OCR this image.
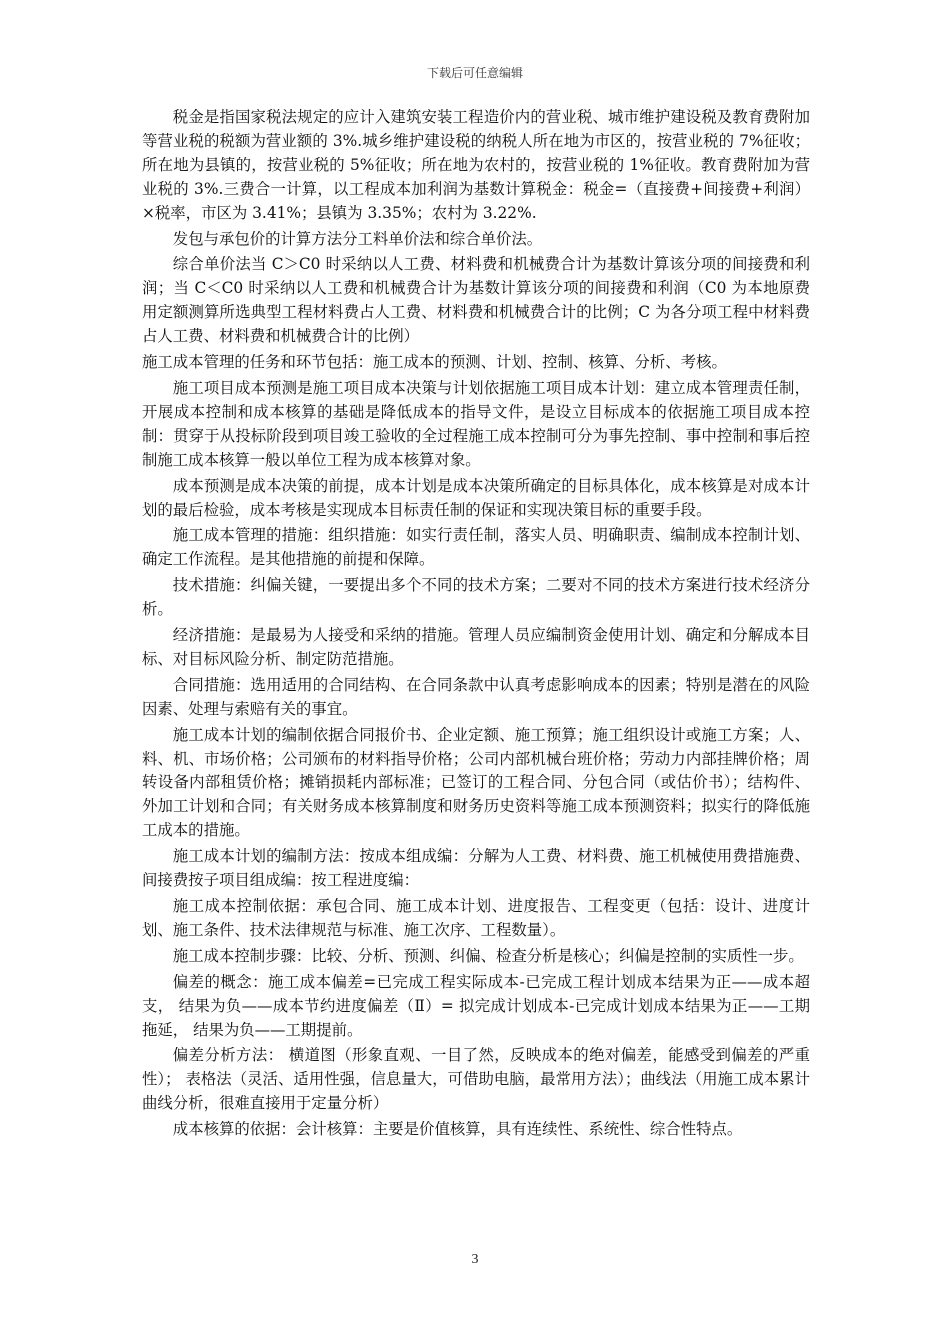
下载后可任意编辑

税金是指国家税法规定的应计入建筑安装工程造价内的营业税、城市维护建设税及教育费附加等营业税的税额为营业额的 3%.城乡维护建设税的纳税人所在地为市区的，按营业税的 7%征收；所在地为县镇的，按营业税的 5%征收；所在地为农村的，按营业税的 1%征收。教育费附加为营业税的 3%.三费合一计算，以工程成本加利润为基数计算税金：税金=（直接费+间接费+利润）×税率，市区为 3.41%；县镇为 3.35%；农村为 3.22%.

发包与承包价的计算方法分工料单价法和综合单价法。

综合单价法当 C＞C0 时采纳以人工费、材料费和机械费合计为基数计算该分项的间接费和利润；当 C＜C0 时采纳以人工费和机械费合计为基数计算该分项的间接费和利润（C0 为本地原费用定额测算所选典型工程材料费占人工费、材料费和机械费合计的比例；C 为各分项工程中材料费占人工费、材料费和机械费合计的比例）

施工成本管理的任务和环节包括：施工成本的预测、计划、控制、核算、分析、考核。

施工项目成本预测是施工项目成本决策与计划依据施工项目成本计划：建立成本管理责任制，开展成本控制和成本核算的基础是降低成本的指导文件，是设立目标成本的依据施工项目成本控制：贯穿于从投标阶段到项目竣工验收的全过程施工成本控制可分为事先控制、事中控制和事后控制施工成本核算一般以单位工程为成本核算对象。

成本预测是成本决策的前提，成本计划是成本决策所确定的目标具体化，成本核算是对成本计划的最后检验，成本考核是实现成本目标责任制的保证和实现决策目标的重要手段。

施工成本管理的措施：组织措施：如实行责任制，落实人员、明确职责、编制成本控制计划、确定工作流程。是其他措施的前提和保障。

技术措施：纠偏关键，一要提出多个不同的技术方案；二要对不同的技术方案进行技术经济分析。

经济措施：是最易为人接受和采纳的措施。管理人员应编制资金使用计划、确定和分解成本目标、对目标风险分析、制定防范措施。

合同措施：选用适用的合同结构、在合同条款中认真考虑影响成本的因素；特别是潜在的风险因素、处理与索赔有关的事宜。

施工成本计划的编制依据合同报价书、企业定额、施工预算；施工组织设计或施工方案；人、料、机、市场价格；公司颁布的材料指导价格；公司内部机械台班价格；劳动力内部挂牌价格；周转设备内部租赁价格；摊销损耗内部标准；已签订的工程合同、分包合同（或估价书）；结构件、外加工计划和合同；有关财务成本核算制度和财务历史资料等施工成本预测资料；拟实行的降低施工成本的措施。

施工成本计划的编制方法：按成本组成编：分解为人工费、材料费、施工机械使用费措施费、间接费按子项目组成编：按工程进度编：

施工成本控制依据：承包合同、施工成本计划、进度报告、工程变更（包括：设计、进度计划、施工条件、技术法律规范与标准、施工次序、工程数量）。

施工成本控制步骤：比较、分析、预测、纠偏、检查分析是核心；纠偏是控制的实质性一步。

偏差的概念：施工成本偏差=已完成工程实际成本-已完成工程计划成本结果为正——成本超支， 结果为负——成本节约进度偏差（Ⅱ）= 拟完成计划成本-已完成计划成本结果为正——工期拖延， 结果为负——工期提前。

偏差分析方法： 横道图（形象直观、一目了然，反映成本的绝对偏差，能感受到偏差的严重性）； 表格法（灵活、适用性强，信息量大，可借助电脑，最常用方法）；曲线法（用施工成本累计曲线分析，很难直接用于定量分析）

成本核算的依据：会计核算：主要是价值核算，具有连续性、系统性、综合性特点。

3
